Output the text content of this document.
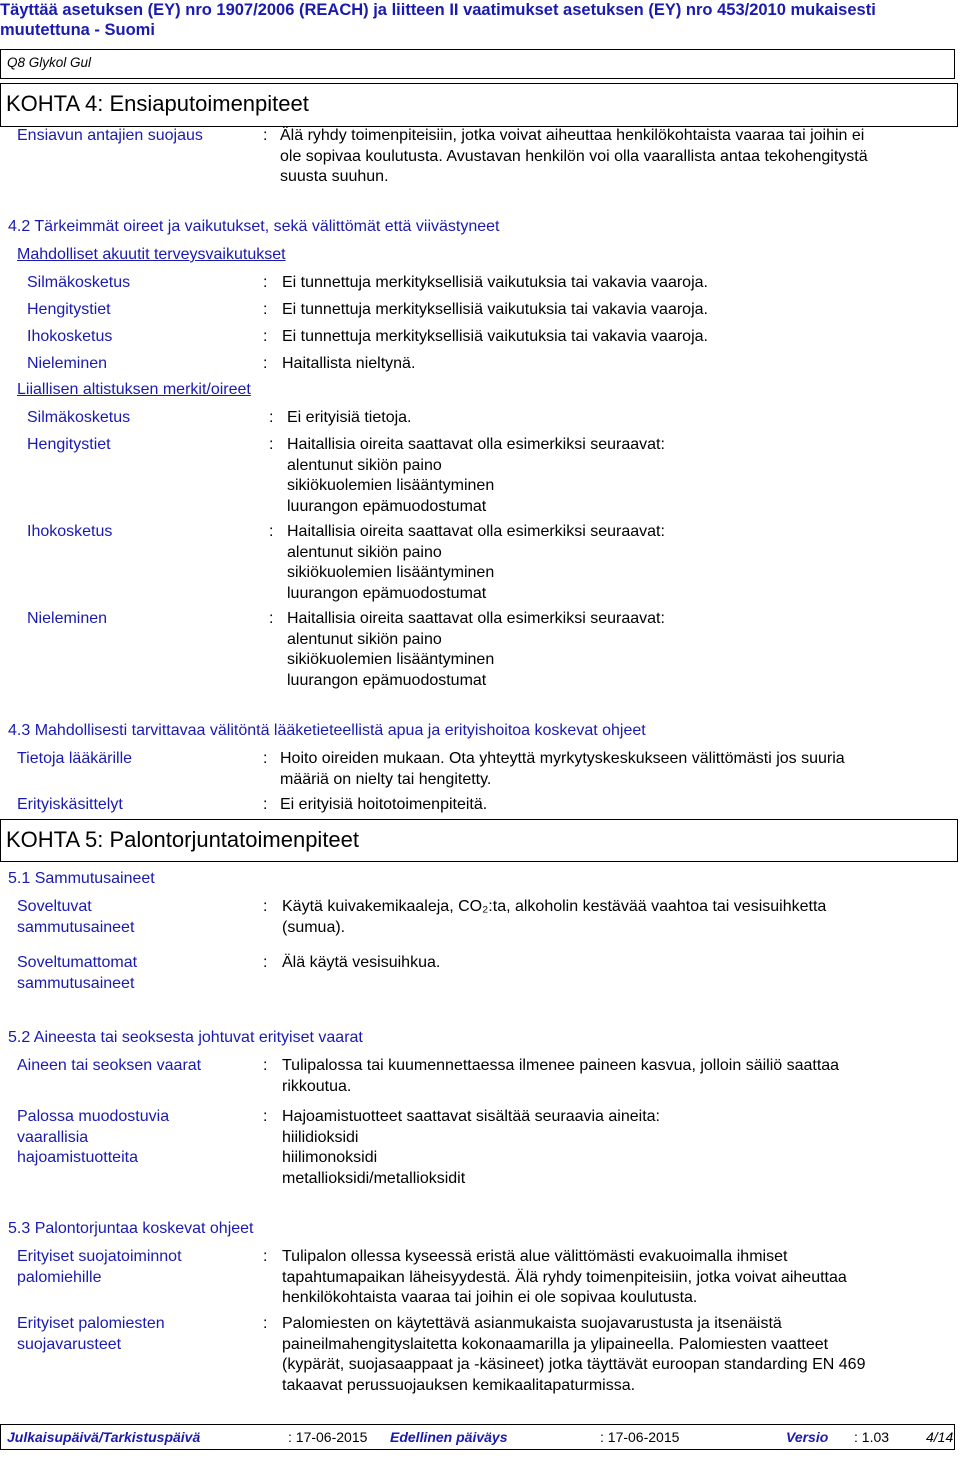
Täyttää asetuksen (EY) nro 1907/2006 (REACH) ja liitteen II vaatimukset asetuksen (EY) nro 453/2010 mukaisesti
muutettuna - Suomi
Q8 Glykol Gul
KOHTA 4: Ensiaputoimenpiteet
Ensiavun antajien suojaus	: Älä ryhdy toimenpiteisiin, jotka voivat aiheuttaa henkilökohtaista vaaraa tai joihin ei
ole sopivaa koulutusta. Avustavan henkilön voi olla vaarallista antaa tekohengitystä
suusta suuhun.
4.2 Tärkeimmät oireet ja vaikutukset, sekä välittömät että viivästyneet
Mahdolliset akuutit terveysvaikutukset
Silmäkosketus	: Ei tunnettuja merkityksellisiä vaikutuksia tai vakavia vaaroja.
Hengitystiet	: Ei tunnettuja merkityksellisiä vaikutuksia tai vakavia vaaroja.
Ihokosketus	: Ei tunnettuja merkityksellisiä vaikutuksia tai vakavia vaaroja.
Nieleminen	: Haitallista nieltynä.
Liiallisen altistuksen merkit/oireet
Silmäkosketus	: Ei erityisiä tietoja.
Hengitystiet	: Haitallisia oireita saattavat olla esimerkiksi seuraavat:
alentunut sikiön paino
sikiökuolemien lisääntyminen
luurangon epämuodostumat
Ihokosketus	: Haitallisia oireita saattavat olla esimerkiksi seuraavat:
alentunut sikiön paino
sikiökuolemien lisääntyminen
luurangon epämuodostumat
Nieleminen	: Haitallisia oireita saattavat olla esimerkiksi seuraavat:
alentunut sikiön paino
sikiökuolemien lisääntyminen
luurangon epämuodostumat
4.3 Mahdollisesti tarvittavaa välitöntä lääketieteellistä apua ja erityishoitoa koskevat ohjeet
Tietoja lääkärille	: Hoito oireiden mukaan. Ota yhteyttä myrkytyskeskukseen välittömästi jos suuria
määriä on nielty tai hengitetty.
Erityiskäsittelyt	: Ei erityisiä hoitotoimenpiteitä.
KOHTA 5: Palontorjuntatoimenpiteet
5.1 Sammutusaineet
Soveltuvat
sammutusaineet
: Käytä kuivakemikaaleja, CO₂:ta, alkoholin kestävää vaahtoa tai vesisuihketta
(sumua).
Soveltumattomat
sammutusaineet
: Älä käytä vesisuihkua.
5.2 Aineesta tai seoksesta johtuvat erityiset vaarat
Aineen tai seoksen vaarat	: Tulipalossa tai kuumennettaessa ilmenee paineen kasvua, jolloin säiliö saattaa
rikkoutua.
Palossa muodostuvia
vaarallisia
hajoamistuotteita
: Hajoamistuotteet saattavat sisältää seuraavia aineita:
hiilidioksidi
hiilimonoksidi
metallioksidi/metallioksidit
5.3 Palontorjuntaa koskevat ohjeet
Erityiset suojatoiminnot
palomiehille
: Tulipalon ollessa kyseessä eristä alue välittömästi evakuoimalla ihmiset
tapahtumapaikan läheisyydestä. Älä ryhdy toimenpiteisiin, jotka voivat aiheuttaa
henkilökohtaista vaaraa tai joihin ei ole sopivaa koulutusta.
Erityiset palomiesten
suojavarusteet
: Palomiesten on käytettävä asianmukaista suojavarustusta ja itsenäistä
paineilmahengityslaitetta kokonaamarilla ja ylipaineella. Palomiesten vaatteet
(kypärät, suojasaappaat ja -käsineet) jotka täyttävät euroopan standarding EN 469
takaavat perussuojauksen kemikaalitapaturmissa.
Julkaisupäivä/Tarkistuspäivä	: 17-06-2015 Edellinen päiväys	: 17-06-2015	Versio : 1.03	4/14
